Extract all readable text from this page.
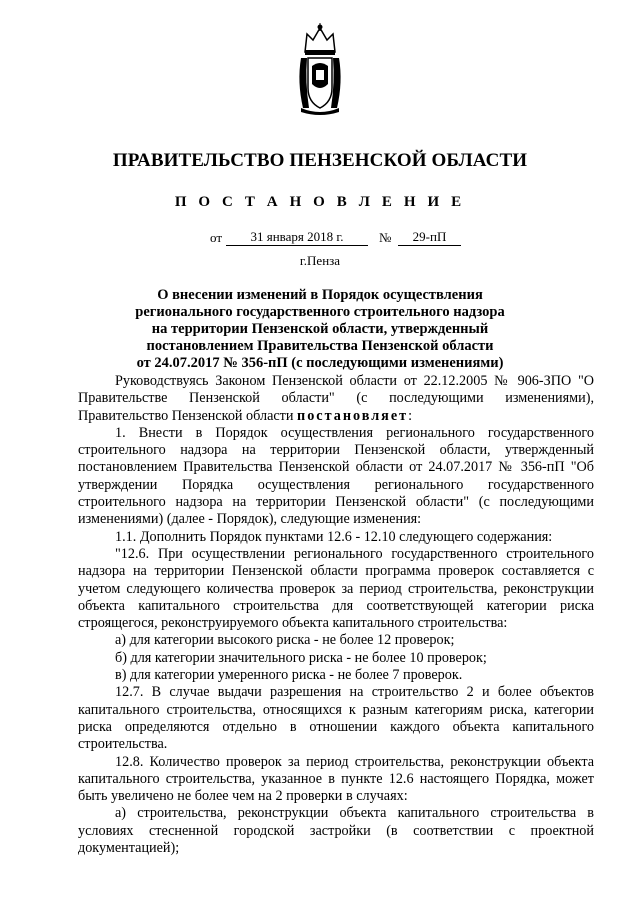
ПРАВИТЕЛЬСТВО ПЕНЗЕНСКОЙ ОБЛАСТИ
П О С Т А Н О В Л Е Н И Е
от	31 января 2018 г.	№	29-пП
г.Пенза
О внесении изменений в Порядок осуществления
регионального государственного строительного надзора
на территории Пензенской области, утвержденный
постановлением Правительства Пензенской области
от 24.07.2017 № 356-пП (с последующими изменениями)

Руководствуясь Законом Пензенской области от 22.12.2005 № 906-ЗПО "О Правительстве Пензенской области" (с последующими изменениями), Правительство Пензенской области постановляет:

1. Внести в Порядок осуществления регионального государственного строительного надзора на территории Пензенской области, утвержденный постановлением Правительства Пензенской области от 24.07.2017 № 356-пП "Об утверждении Порядка осуществления регионального государственного строительного надзора на территории Пензенской области" (с последующими изменениями) (далее - Порядок), следующие изменения:

1.1. Дополнить Порядок пунктами 12.6 - 12.10 следующего содержания:

"12.6. При осуществлении регионального государственного строительного надзора на территории Пензенской области программа проверок составляется с учетом следующего количества проверок за период строительства, реконструкции объекта капитального строительства для соответствующей категории риска строящегося, реконструируемого объекта капитального строительства:

а) для категории высокого риска - не более 12 проверок;

б) для категории значительного риска - не более 10 проверок;

в) для категории умеренного риска - не более 7 проверок.

12.7. В случае выдачи разрешения на строительство 2 и более объектов капитального строительства, относящихся к разным категориям риска, категории риска определяются отдельно в отношении каждого объекта капитального строительства.

12.8. Количество проверок за период строительства, реконструкции объекта капитального строительства, указанное в пункте 12.6 настоящего Порядка, может быть увеличено не более чем на 2 проверки в случаях:

а) строительства, реконструкции объекта капитального строительства в условиях стесненной городской застройки (в соответствии с проектной документацией);
